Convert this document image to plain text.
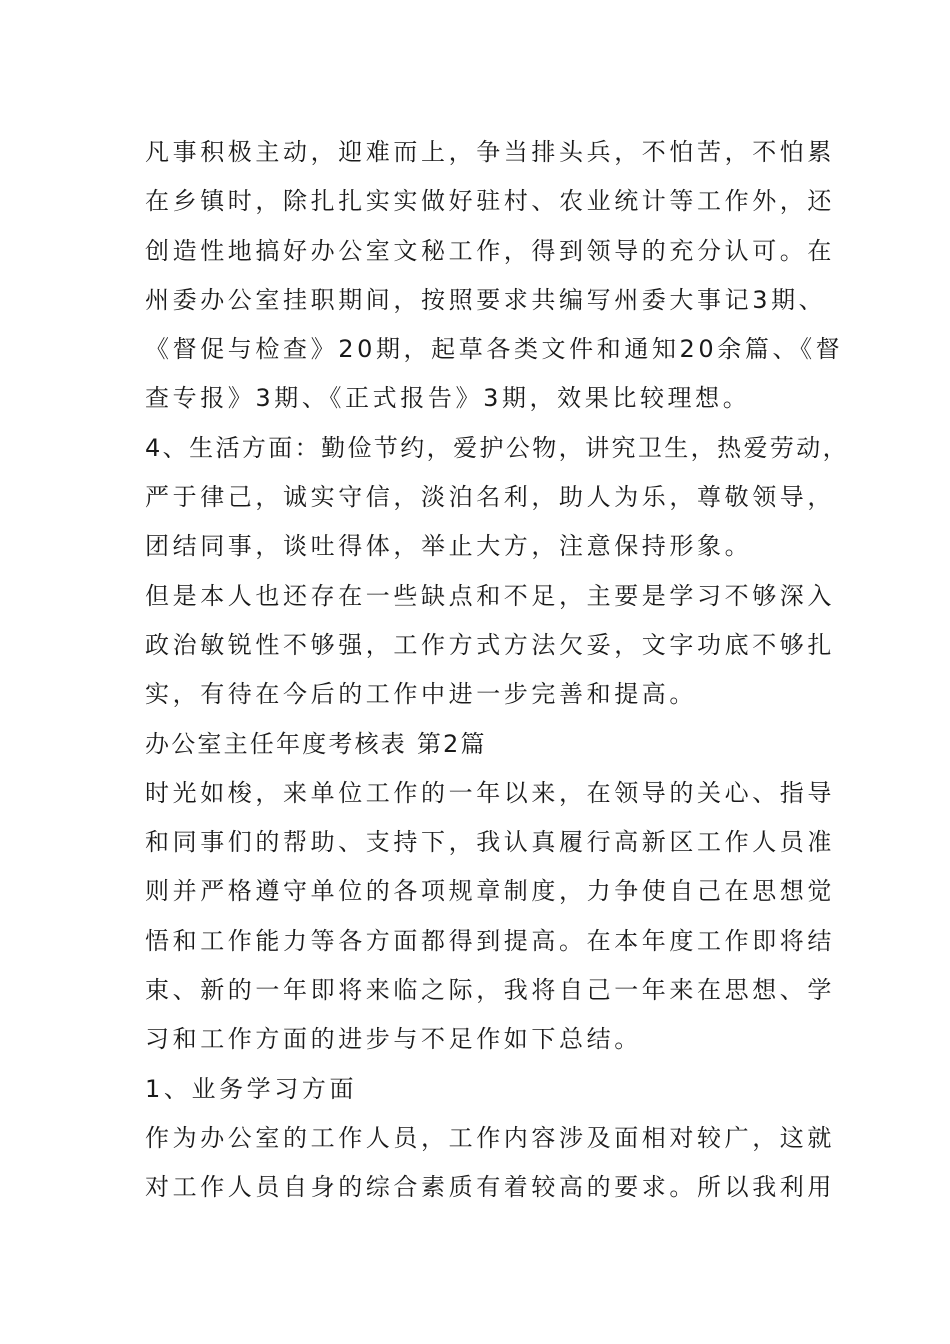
凡事积极主动，迎难而上，争当排头兵，不怕苦，不怕累
在乡镇时，除扎扎实实做好驻村、农业统计等工作外，还
创造性地搞好办公室文秘工作，得到领导的充分认可。在
州委办公室挂职期间，按照要求共编写州委大事记3期、
《督促与检查》20期，起草各类文件和通知20余篇、《督
查专报》3期、《正式报告》3期，效果比较理想。
4、生活方面：勤俭节约，爱护公物，讲究卫生，热爱劳动，
严于律己，诚实守信，淡泊名利，助人为乐，尊敬领导，
团结同事，谈吐得体，举止大方，注意保持形象。
但是本人也还存在一些缺点和不足，主要是学习不够深入
政治敏锐性不够强，工作方式方法欠妥，文字功底不够扎
实，有待在今后的工作中进一步完善和提高。
办公室主任年度考核表 第2篇
时光如梭，来单位工作的一年以来，在领导的关心、指导
和同事们的帮助、支持下，我认真履行高新区工作人员准
则并严格遵守单位的各项规章制度，力争使自己在思想觉
悟和工作能力等各方面都得到提高。在本年度工作即将结
束、新的一年即将来临之际，我将自己一年来在思想、学
习和工作方面的进步与不足作如下总结。
1、业务学习方面
作为办公室的工作人员，工作内容涉及面相对较广，这就
对工作人员自身的综合素质有着较高的要求。所以我利用
